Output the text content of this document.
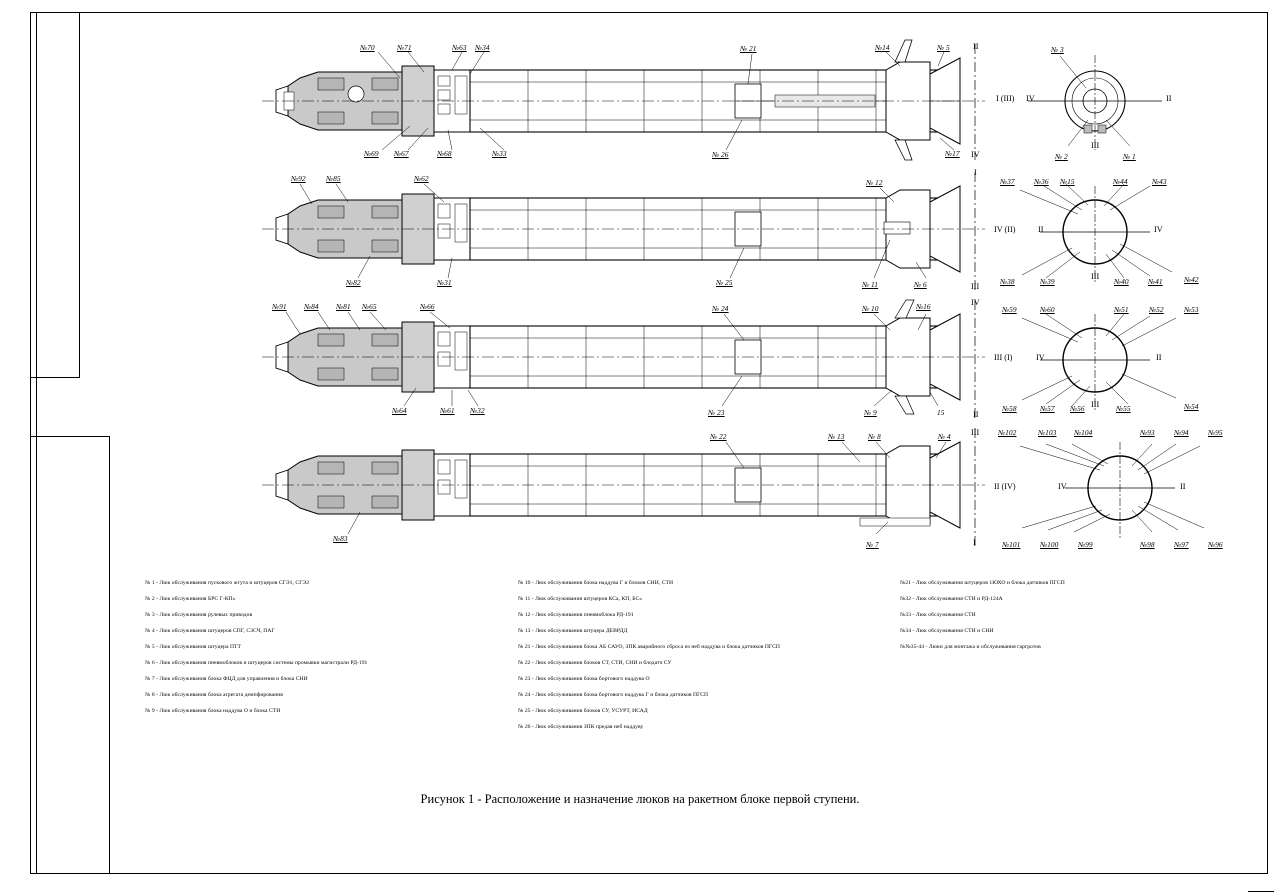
№70	№71	№63 №34	№ 21	№14	№ 5
№69 №67	№68	№33	№ 26	№17
II
IV
I (III) IV	II
№ 3
№ 2
III
№ 1
№92	№85	№62	№ 12
№82	№31	№ 25	№ 11	№ 6
I
III
IV (II)	II	IV
№37	№36 №15	№44	№43
№38	№39
III
№40	№41	№42
№91 №84 №81 №65	№66	№ 24	№ 10	№16
№64	№61 №32	№ 23	№ 9	15
IV
II
III (I)	IV	II
№59	№60	№51	№52	№53
№58	№57 №56 III №55	№54
№ 22	№ 13	№ 8	№ 4
№83
№ 7
III
I
II (IV)	IV	II
№102	№103 №104	№93	№94	№95
№101	№100	№99	№98	№97	№96
№ 1 - Люк обслуживания пускового жгута и штуцеров СГЭ1, СГЭ2
№ 2 - Люк обслуживания БРС Г-КП»
№ 3 - Люк обслуживания рулевых приводов
№ 4 - Люк обслуживания штуцеров СПГ, СЗСЧ, ПАГ
№ 5 - Люк обслуживания штуцера ПТТ
№ 6 - Люк обслуживания пневмоблоков и штуцеров системы промывки магистрали РД-191
№ 7 - Люк обслуживания блока ФЦД для управления и блока СНИ
№ 8 - Люк обслуживания блока агрегата демпфирования
№ 9 - Люк обслуживания блока наддува О и блока СТИ
№ 10 - Люк обслуживания блока наддува Г и блоков СНИ, СТИ
№ 11 - Люк обслуживания штуцеров КСа, КП, БС»
№ 12 - Люк обслуживания пневмоблока РД-191
№ 13 - Люк обслуживания штуцера ДЕВРДД
№ 21 - Люк обслуживания блока АБ САУО, ЗПК аварийного сброса из неб наддува и блока датчиков ПГСП
№ 22 - Люк обслуживания блоков СТ, СТИ, СНИ и блодатч СУ
№ 23 - Люк обслуживания блока бортового наддува О
№ 24 - Люк обслуживания блока бортового наддува Г и блока датчиков ПГСП
№ 25 - Люк обслуживания блоков СУ, УСУРТ, ИСАД
№ 26 - Люк обслуживания ЗПК предав неб наддуву
№21 - Люк обслуживания штуцеров 1ЮХО и блока датчиков ПГСП
№32 - Люк обслуживания СТИ и РД-124А
№33 - Люк обслуживания СТИ
№34 - Люк обслуживания СТИ и СНИ
№№35-44 - Люки для монтажа и обслуживания гаргротов
Рисунок 1 - Расположение и назначение люков на ракетном блоке первой ступени.
